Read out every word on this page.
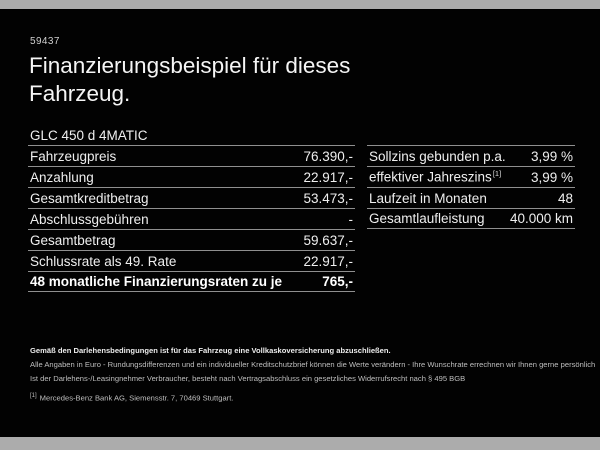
59437
Finanzierungsbeispiel für dieses Fahrzeug.
GLC 450 d 4MATIC
Fahrzeugpreis	76.390,-
Anzahlung	22.917,-
Gesamtkreditbetrag	53.473,-
Abschlussgebühren	-
Gesamtbetrag	59.637,-
Schlussrate als 49. Rate	22.917,-
48 monatliche Finanzierungsraten zu je	765,-
Sollzins gebunden p.a. 3,99 %
effektiver Jahreszins[1] 3,99 %
Laufzeit in Monaten	48
Gesamtlaufleistung 40.000 km

Gemäß den Darlehensbedingungen ist für das Fahrzeug eine Vollkaskoversicherung abzuschließen.

Alle Angaben in Euro - Rundungsdifferenzen und ein individueller Kreditschutzbrief können die Werte verändern - Ihre Wunschrate errechnen wir Ihnen gerne persönlich

Ist der Darlehens-/Leasingnehmer Verbraucher, besteht nach Vertragsabschluss ein gesetzliches Widerrufsrecht nach § 495 BGB

[1] Mercedes-Benz Bank AG, Siemensstr. 7, 70469 Stuttgart.
